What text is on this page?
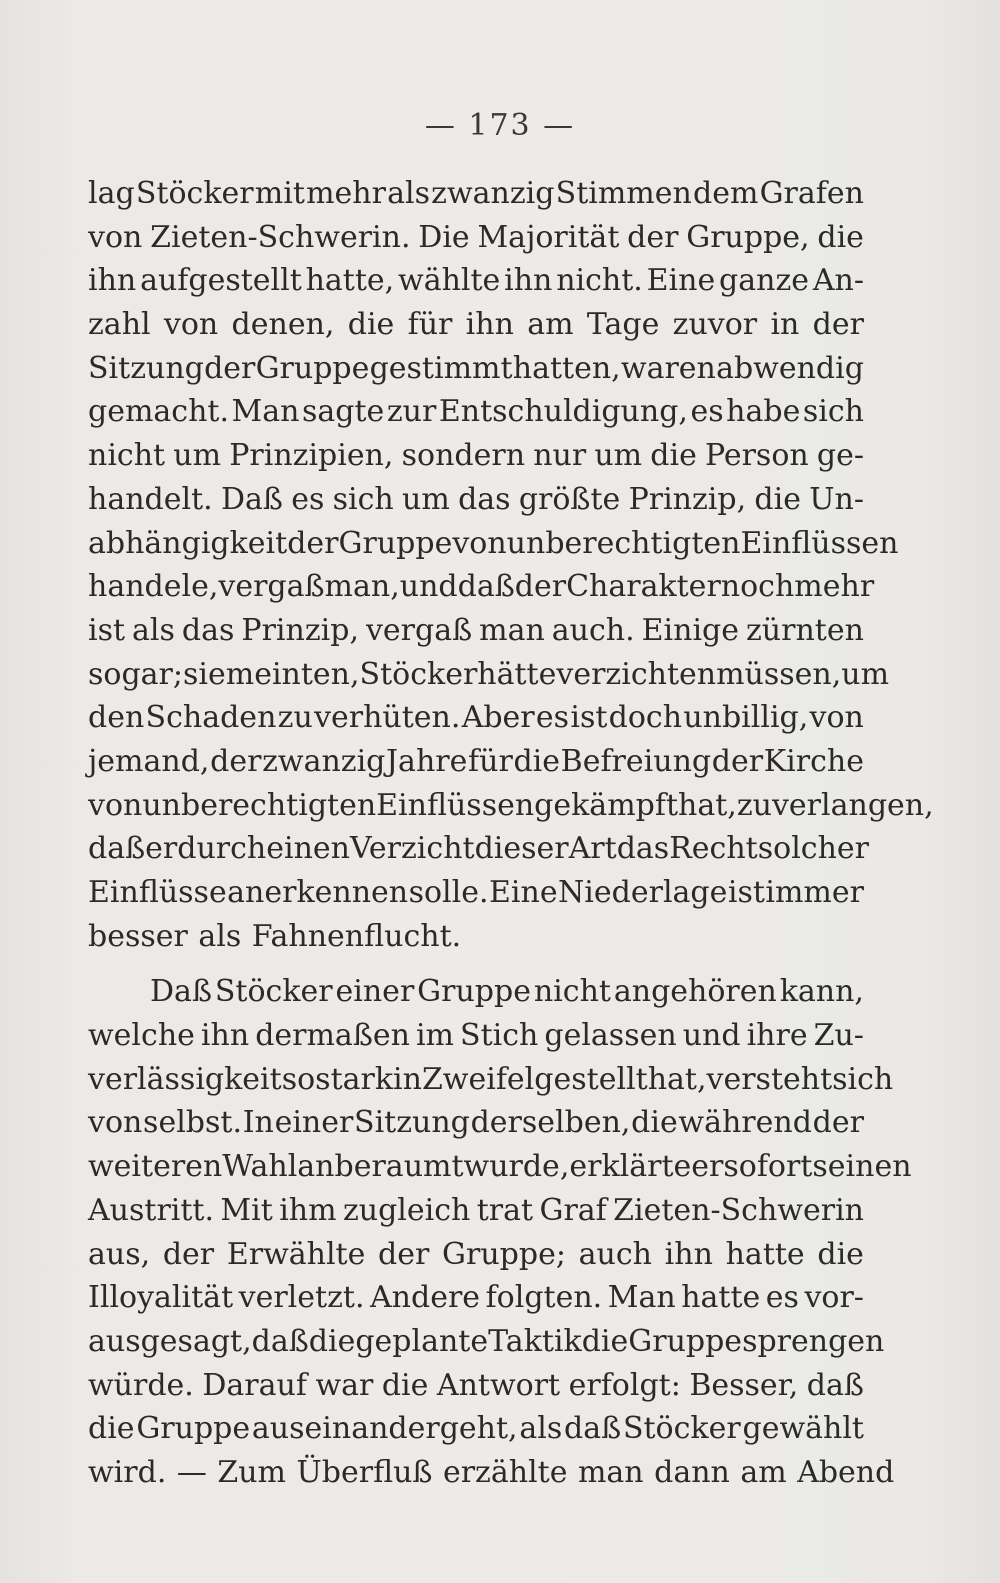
— 173 —
lag Stöcker mit mehr als zwanzig Stimmen dem Grafen
von Zieten-Schwerin. Die Majorität der Gruppe, die
ihn aufgestellt hatte, wählte ihn nicht. Eine ganze An-
zahl von denen, die für ihn am Tage zuvor in der
Sitzung der Gruppe gestimmt hatten, waren abwendig
gemacht. Man sagte zur Entschuldigung, es habe sich
nicht um Prinzipien, sondern nur um die Person ge-
handelt. Daß es sich um das größte Prinzip, die Un-
abhängigkeit der Gruppe von unberechtigten Einflüssen
handele, vergaß man, und daß der Charakter noch mehr
ist als das Prinzip, vergaß man auch. Einige zürnten
sogar; sie meinten, Stöcker hätte verzichten müssen, um
den Schaden zu verhüten. Aber es ist doch unbillig, von
jemand, der zwanzig Jahre für die Befreiung der Kirche
von unberechtigten Einflüssen gekämpft hat, zu verlangen,
daß er durch einen Verzicht dieser Art das Recht solcher
Einflüsse anerkennen solle. Eine Niederlage ist immer
besser als Fahnenflucht.
Daß Stöcker einer Gruppe nicht angehören kann,
welche ihn dermaßen im Stich gelassen und ihre Zu-
verlässigkeit so stark in Zweifel gestellt hat, versteht sich
von selbst. In einer Sitzung derselben, die während der
weiteren Wahl anberaumt wurde, erklärte er sofort seinen
Austritt. Mit ihm zugleich trat Graf Zieten-Schwerin
aus, der Erwählte der Gruppe; auch ihn hatte die
Illoyalität verletzt. Andere folgten. Man hatte es vor-
ausgesagt, daß die geplante Taktik die Gruppe sprengen
würde. Darauf war die Antwort erfolgt: Besser, daß
die Gruppe auseinandergeht, als daß Stöcker gewählt
wird. — Zum Überfluß erzählte man dann am Abend
